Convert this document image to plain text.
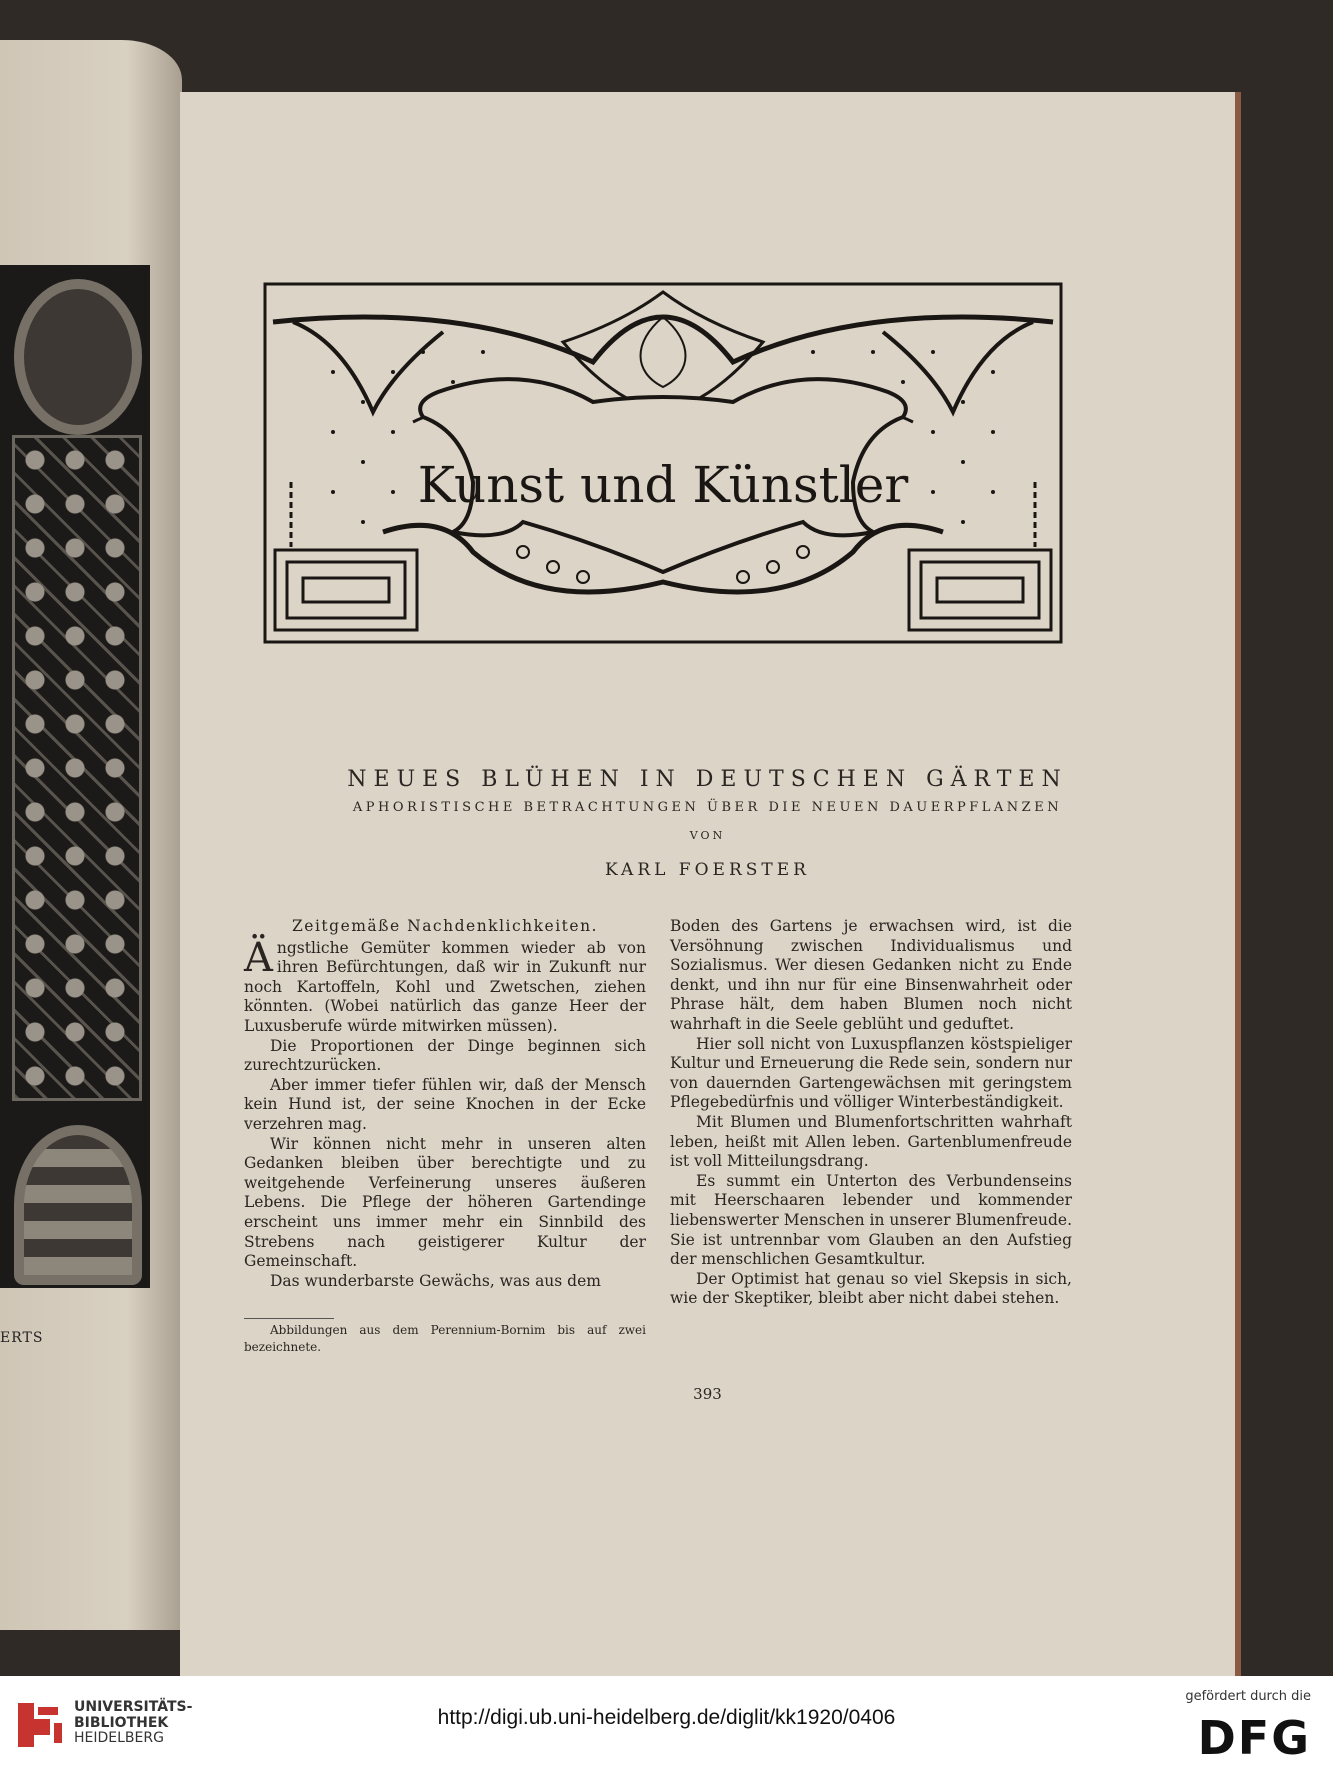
ERTS
Kunst und Künstler
NEUES BLÜHEN IN DEUTSCHEN GÄRTEN
APHORISTISCHE BETRACHTUNGEN ÜBER DIE NEUEN DAUERPFLANZEN
VON
KARL FOERSTER
Zeitgemäße Nachdenklichkeiten.

Ängstliche Gemüter kommen wieder ab von ihren Befürchtungen, daß wir in Zukunft nur noch Kartoffeln, Kohl und Zwetschen, ziehen könnten. (Wobei natürlich das ganze Heer der Luxusberufe würde mitwirken müssen).

Die Proportionen der Dinge beginnen sich zurechtzurücken.

Aber immer tiefer fühlen wir, daß der Mensch kein Hund ist, der seine Knochen in der Ecke verzehren mag.

Wir können nicht mehr in unseren alten Gedanken bleiben über berechtigte und zu weitgehende Verfeinerung unseres äußeren Lebens. Die Pflege der höheren Gartendinge erscheint uns immer mehr ein Sinnbild des Strebens nach geistigerer Kultur der Gemeinschaft.

Das wunderbarste Gewächs, was aus dem

Boden des Gartens je erwachsen wird, ist die Versöhnung zwischen Individualismus und Sozialismus. Wer diesen Gedanken nicht zu Ende denkt, und ihn nur für eine Binsenwahrheit oder Phrase hält, dem haben Blumen noch nicht wahrhaft in die Seele geblüht und geduftet.

Hier soll nicht von Luxuspflanzen köstspieliger Kultur und Erneuerung die Rede sein, sondern nur von dauernden Gartengewächsen mit geringstem Pflegebedürfnis und völliger Winterbeständigkeit.

Mit Blumen und Blumenfortschritten wahrhaft leben, heißt mit Allen leben. Gartenblumenfreude ist voll Mitteilungsdrang.

Es summt ein Unterton des Verbundenseins mit Heerschaaren lebender und kommender liebenswerter Menschen in unserer Blumenfreude. Sie ist untrennbar vom Glauben an den Aufstieg der menschlichen Gesamtkultur.

Der Optimist hat genau so viel Skepsis in sich, wie der Skeptiker, bleibt aber nicht dabei stehen.

Abbildungen aus dem Perennium-Bornim bis auf zwei bezeichnete.
393
UNIVERSITÄTS-
BIBLIOTHEK
HEIDELBERG
http://digi.ub.uni-heidelberg.de/diglit/kk1920/0406
gefördert durch die
DFG
